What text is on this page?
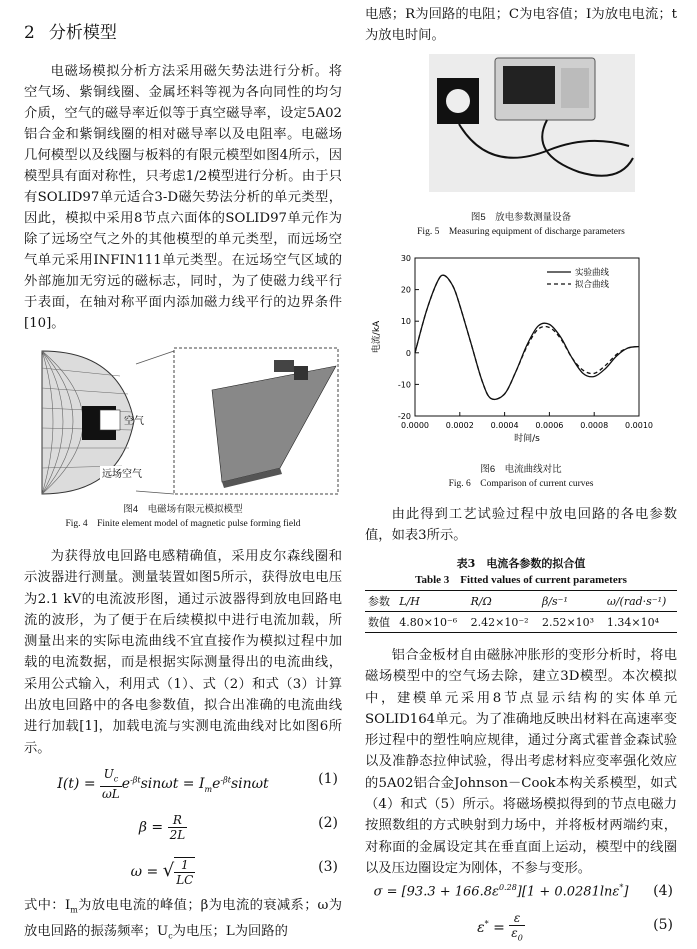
2 分析模型

电磁场模拟分析方法采用磁矢势法进行分析。将空气场、紫铜线圈、金属坯料等视为各向同性的均匀介质，空气的磁导率近似等于真空磁导率，设定5A02铝合金和紫铜线圈的相对磁导率以及电阻率。电磁场几何模型以及线圈与板料的有限元模型如图4所示，因模型具有面对称性，只考虑1/2模型进行分析。由于只有SOLID97单元适合3-D磁矢势法分析的单元类型，因此，模拟中采用8节点六面体的SOLID97单元作为除了远场空气之外的其他模型的单元类型，而远场空气单元采用INFIN111单元类型。在远场空气区域的外部施加无穷远的磁标志，同时，为了使磁力线平行于表面，在轴对称平面内添加磁力线平行的边界条件[10]。

空气
远场空气
图4　电磁场有限元模拟模型
Fig. 4　Finite element model of magnetic pulse forming field

为获得放电回路电感精确值，采用皮尔森线圈和示波器进行测量。测量装置如图5所示，获得放电电压为2.1 kV的电流波形图，通过示波器得到放电回路电流的波形，为了便于在后续模拟中进行电流加载，所测量出来的实际电流曲线不宜直接作为模拟过程中加载的电流数据，而是根据实际测量得出的电流曲线，采用公式输入，利用式（1）、式（2）和式（3）计算出放电回路中的各电参数值，拟合出准确的电流曲线进行加载[1]，加载电流与实测电流曲线对比如图6所示。

$I(t) = \frac{U_c}{\omega L} e^{-\beta t}\sin\omega t = I_me^{-\beta t}\sin\omega t$	(1)
$\beta = \frac{R}{2L}$	(2)
ω = √ $\frac{1}{LC}$	(3)

式中：$I_m$为放电电流的峰值；β为电流的衰减系；ω为放电回路的振荡频率；$U_c$为电压；L为回路的

电感；R为回路的电阻；C为电容值；I为放电电流；t为放电时间。

图5　放电参数测量设备
Fig. 5　Measuring equipment of discharge parameters
0.0000 0.0002 0.0004 0.0006 0.0008 0.0010
-20
-10
0
10
20
30
时间/s
电流/kA
实验曲线
拟合曲线
图6　电流曲线对比
Fig. 6　Comparison of current curves

由此得到工艺试验过程中放电回路的各电参数值，如表3所示。

表3　电流各参数的拟合值
Table 3　Fitted values of current parameters
参数	L/H	R/Ω	β/s⁻¹	ω/(rad·s⁻¹)
数值	4.80×10⁻⁶	2.42×10⁻²	2.52×10³	1.34×10⁴

铝合金板材自由磁脉冲胀形的变形分析时，将电磁场模型中的空气场去除，建立3D模型。本次模拟中，建模单元采用8节点显示结构的实体单元SOLID164单元。为了准确地反映出材料在高速率变形过程中的塑性响应规律，通过分离式霍普金森试验以及准静态拉伸试验，得出考虑材料应变率强化效应的5A02铝合金Johnson－Cook本构关系模型，如式（4）和式（5）所示。将磁场模拟得到的节点电磁力按照数组的方式映射到力场中，并将板材两端约束，对称面的金属设定其在垂直面上运动，模型中的线圈以及压边圈设定为刚体，不参与变形。

$\sigma = [93.3 + 166.8\varepsilon^{0.28}][1 + 0.0281\ln\varepsilon^*]$	(4)
$\varepsilon^* = \frac{\varepsilon}{\varepsilon_0}$	(5)
